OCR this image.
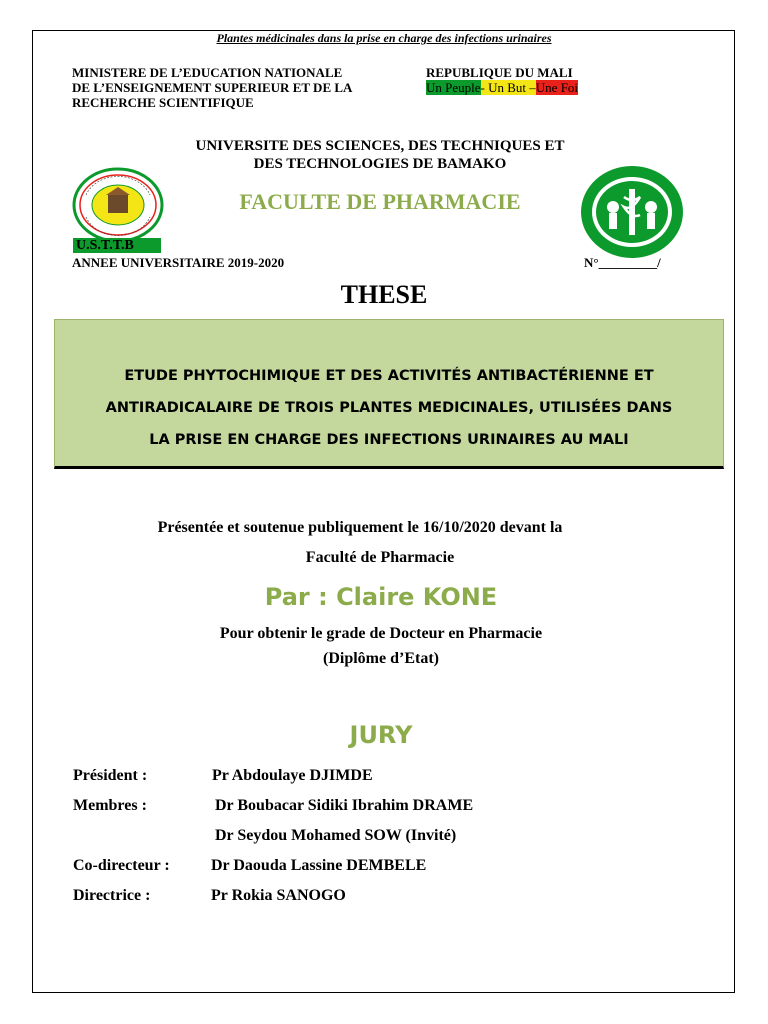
Plantes médicinales dans la prise en charge des infections urinaires
MINISTERE DE L’EDUCATION NATIONALE
DE L’ENSEIGNEMENT SUPERIEUR ET DE LA
RECHERCHE SCIENTIFIQUE
REPUBLIQUE DU MALI
Un Peuple- Un But –Une Foi
UNIVERSITE DES SCIENCES, DES TECHNIQUES ET
DES TECHNOLOGIES DE BAMAKO
FACULTE DE PHARMACIE
U.S.T.T.B
ANNEE UNIVERSITAIRE 2019-2020	N°_________/
THESE
ETUDE PHYTOCHIMIQUE ET DES ACTIVITÉS ANTIBACTÉRIENNE ET
ANTIRADICALAIRE DE TROIS PLANTES MEDICINALES, UTILISÉES DANS
LA PRISE EN CHARGE DES INFECTIONS URINAIRES AU MALI
Présentée et soutenue publiquement le 16/10/2020 devant la
Faculté de Pharmacie
Par : Claire KONE
Pour obtenir le grade de Docteur en Pharmacie
(Diplôme d’Etat)
JURY
Président :	Pr Abdoulaye DJIMDE
Membres :	Dr Boubacar Sidiki Ibrahim DRAME
Dr Seydou Mohamed SOW (Invité)
Co-directeur :	Dr Daouda Lassine DEMBELE
Directrice :	Pr Rokia SANOGO
